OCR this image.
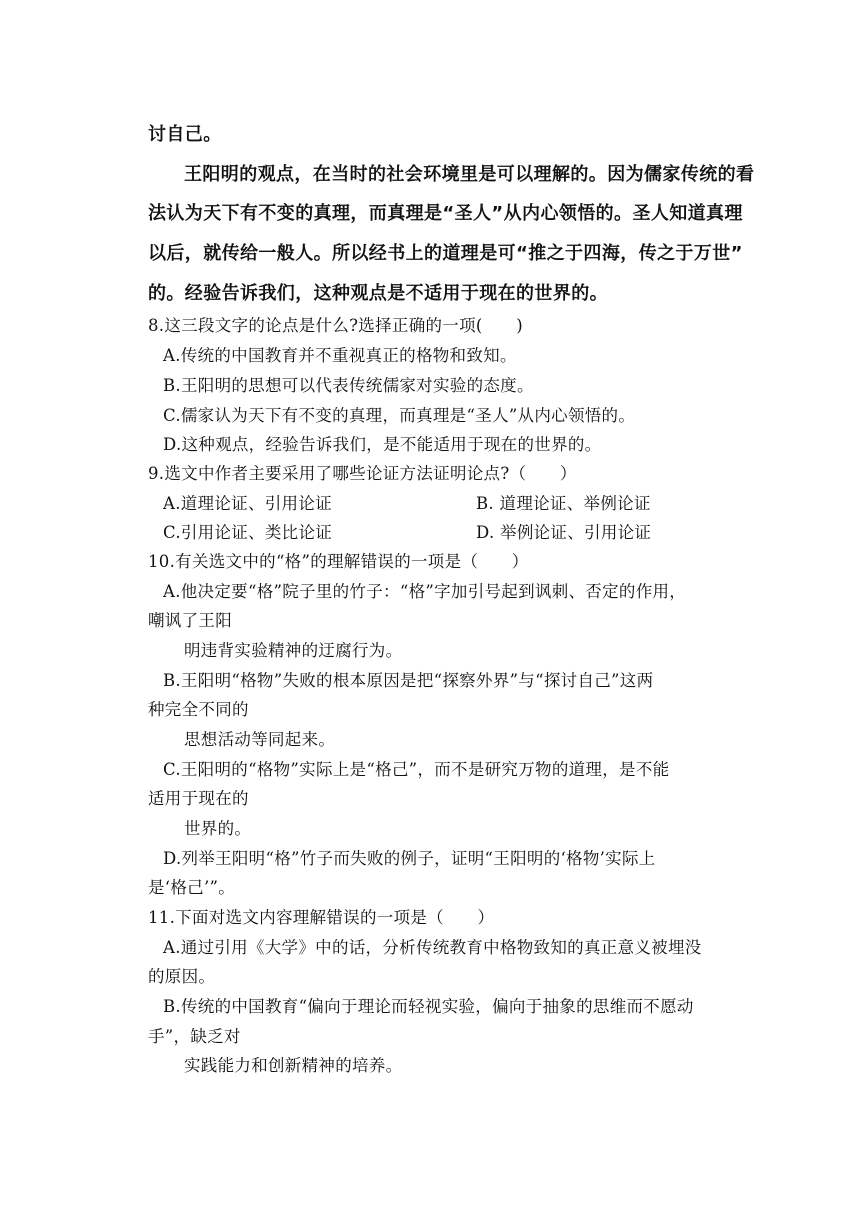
讨自己。
王阳明的观点，在当时的社会环境里是可以理解的。因为儒家传统的看
法认为天下有不变的真理，而真理是“圣人”从内心领悟的。圣人知道真理
以后，就传给一般人。所以经书上的道理是可“推之于四海，传之于万世”
的。经验告诉我们，这种观点是不适用于现在的世界的。
8.这三段文字的论点是什么?选择正确的一项(　　)
A.传统的中国教育并不重视真正的格物和致知。
B.王阳明的思想可以代表传统儒家对实验的态度。
C.儒家认为天下有不变的真理，而真理是“圣人”从内心领悟的。
D.这种观点，经验告诉我们，是不能适用于现在的世界的。
9.选文中作者主要采用了哪些论证方法证明论点?（　　）
A.道理论证、引用论证	B. 道理论证、举例论证
C.引用论证、类比论证	D. 举例论证、引用论证
10.有关选文中的“格”的理解错误的一项是（　　）
A.他决定要“格”院子里的竹子：“格”字加引号起到讽刺、否定的作用，
嘲讽了王阳
明违背实验精神的迂腐行为。
B.王阳明“格物”失败的根本原因是把“探察外界”与“探讨自己”这两
种完全不同的
思想活动等同起来。
C.王阳明的“格物”实际上是“格己”，而不是研究万物的道理，是不能
适用于现在的
世界的。
D.列举王阳明“格”竹子而失败的例子，证明“王阳明的‘格物’实际上
是‘格己’”。
11.下面对选文内容理解错误的一项是（　　）
A.通过引用《大学》中的话，分析传统教育中格物致知的真正意义被埋没
的原因。
B.传统的中国教育“偏向于理论而轻视实验，偏向于抽象的思维而不愿动
手”，缺乏对
实践能力和创新精神的培养。
